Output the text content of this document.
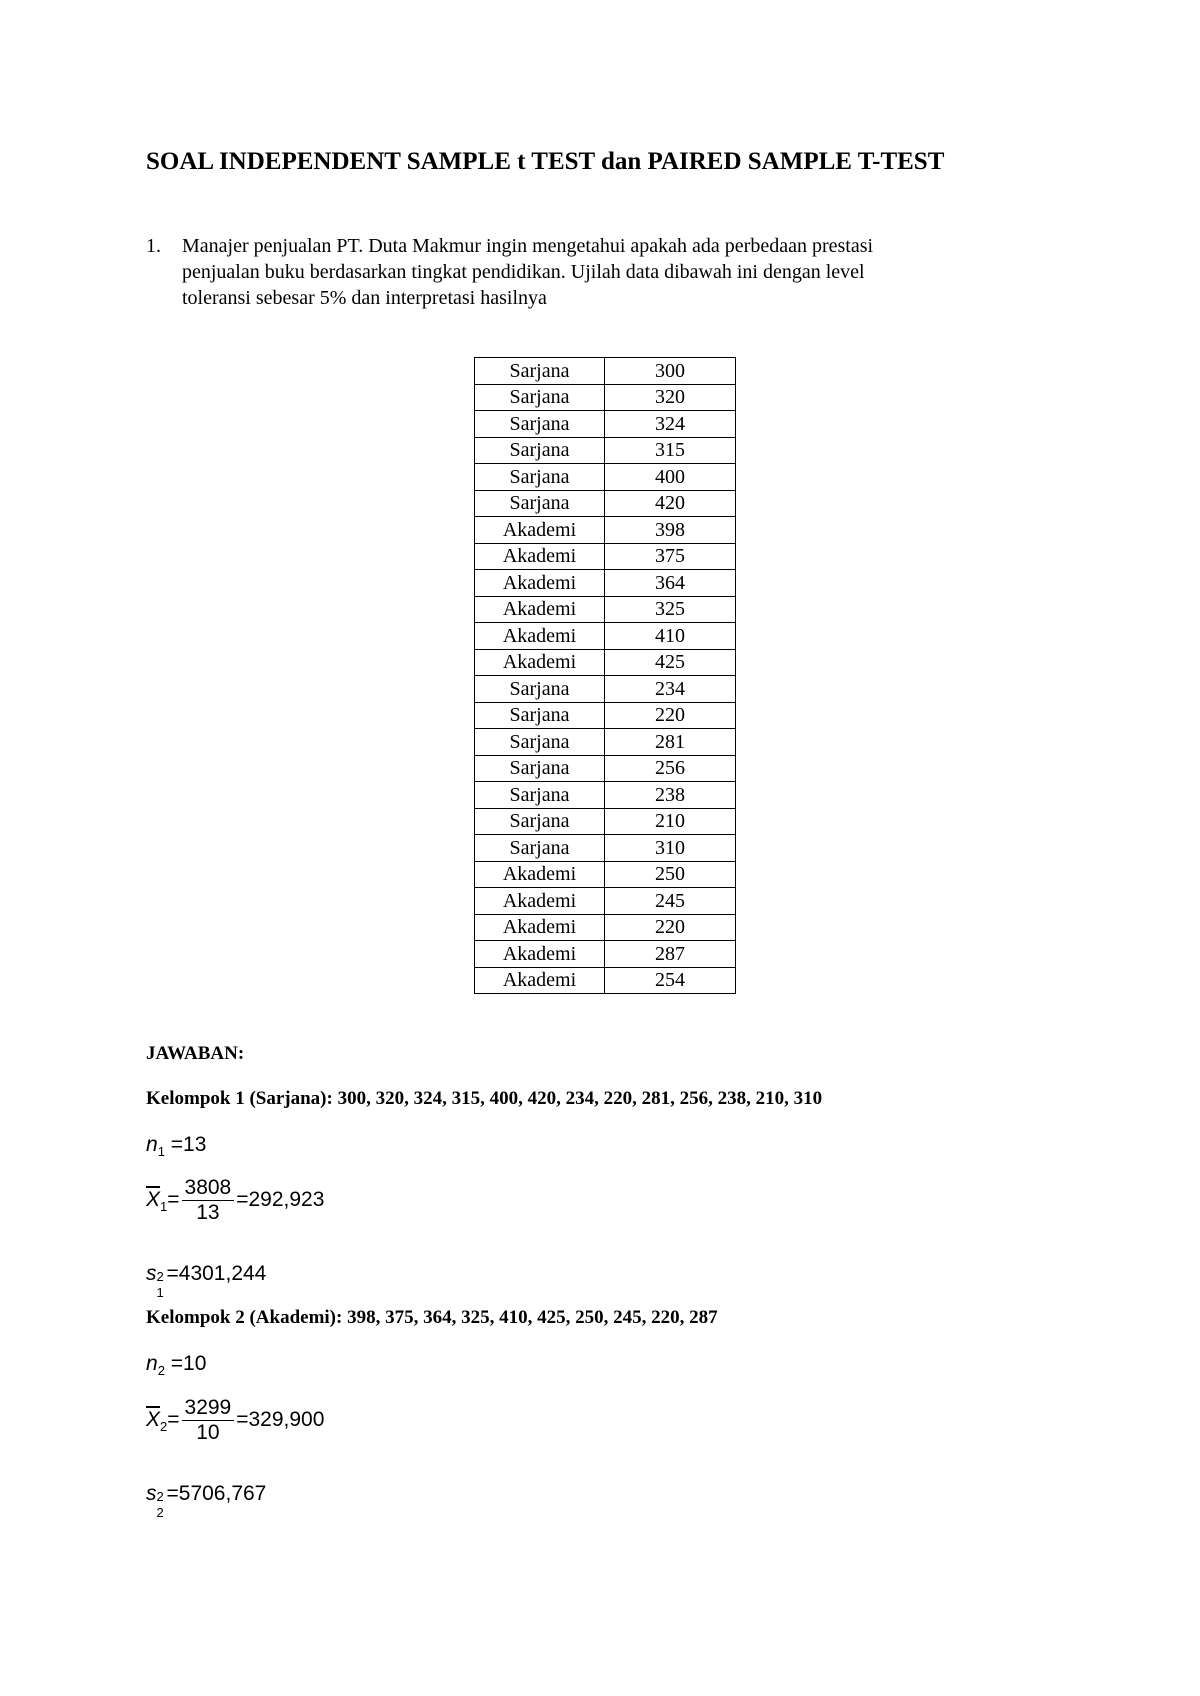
SOAL INDEPENDENT SAMPLE t TEST dan PAIRED SAMPLE T-TEST
1. Manajer penjualan PT. Duta Makmur ingin mengetahui apakah ada perbedaan prestasi
penjualan buku berdasarkan tingkat pendidikan. Ujilah data dibawah ini dengan level
toleransi sebesar 5% dan interpretasi hasilnya
Sarjana	300
Sarjana	320
Sarjana	324
Sarjana	315
Sarjana	400
Sarjana	420
Akademi	398
Akademi	375
Akademi	364
Akademi	325
Akademi	410
Akademi	425
Sarjana	234
Sarjana	220
Sarjana	281
Sarjana	256
Sarjana	238
Sarjana	210
Sarjana	310
Akademi	250
Akademi	245
Akademi	220
Akademi	287
Akademi	254
JAWABAN:
Kelompok 1 (Sarjana): 300, 320, 324, 315, 400, 420, 234, 220, 281, 256, 238, 210, 310
$n_1 =13$
$\overline{X}_1= \frac{3808}{13} =292,923$
s 2
1
=4301,244
Kelompok 2 (Akademi): 398, 375, 364, 325, 410, 425, 250, 245, 220, 287
$n_2 =10$
$\overline{X}_2= \frac{3299}{10} =329,900$
s 2
2
=5706,767
